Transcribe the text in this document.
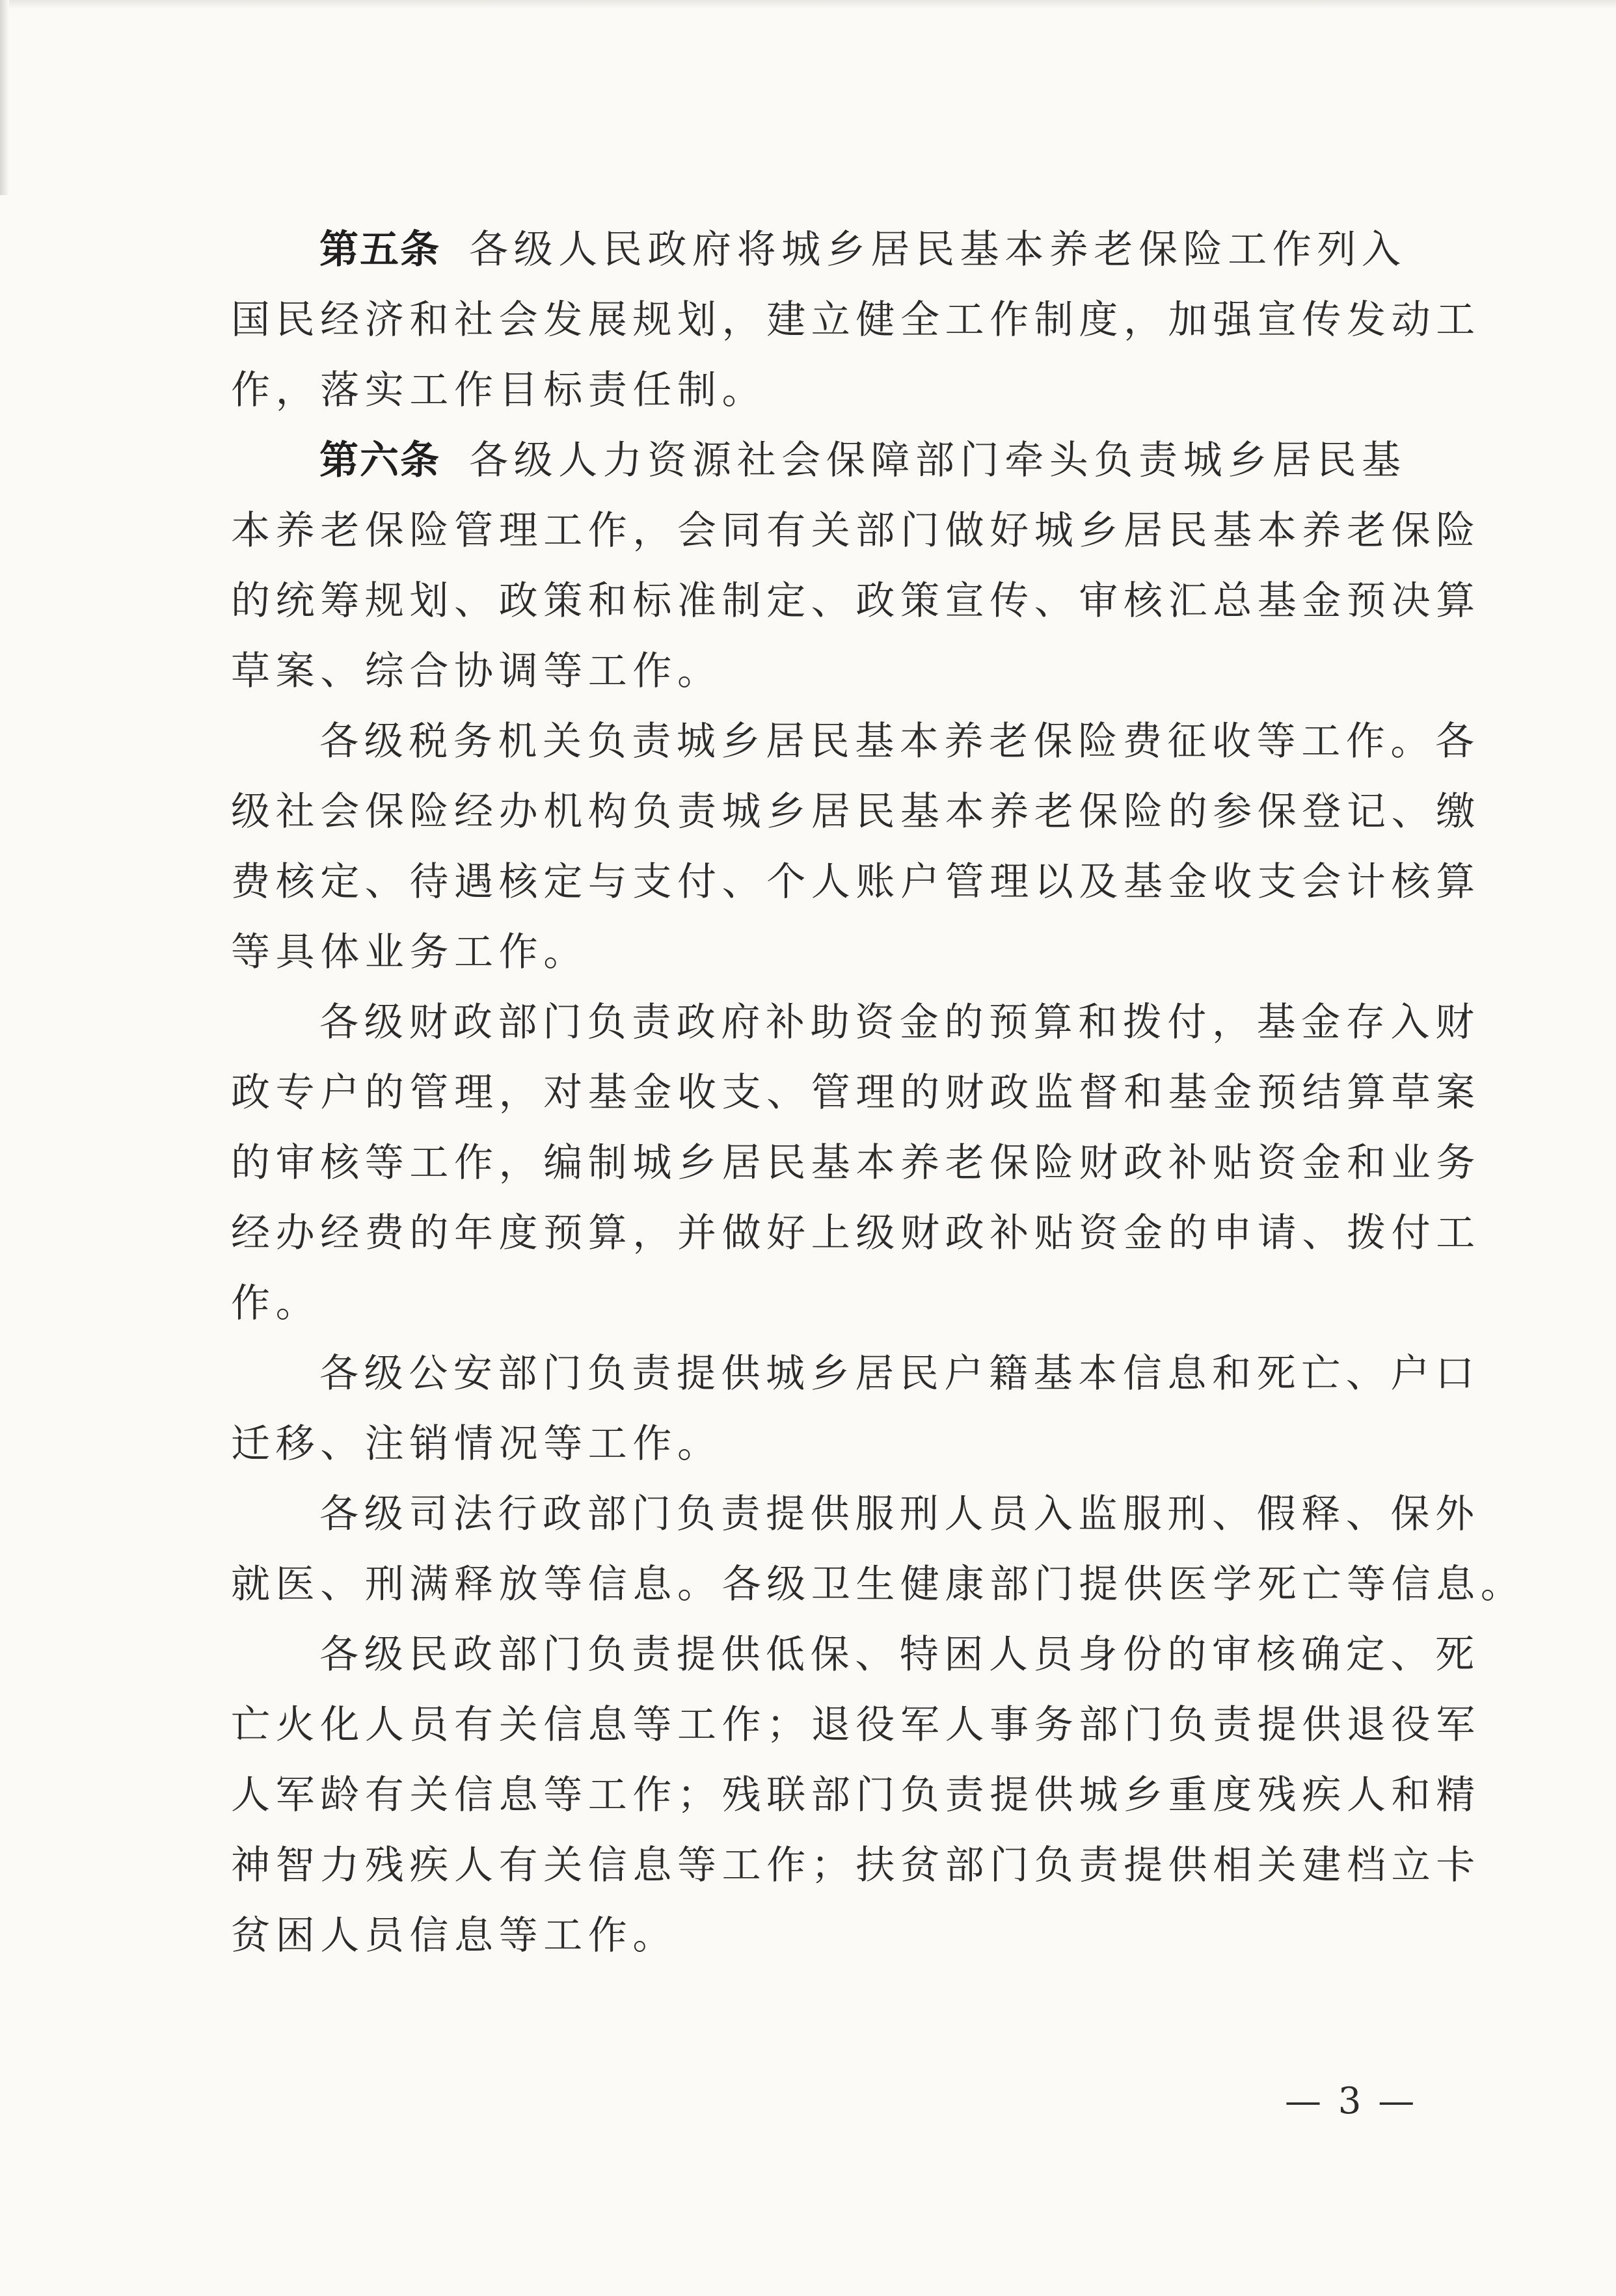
第五条 各级人民政府将城乡居民基本养老保险工作列入
国民经济和社会发展规划，建立健全工作制度，加强宣传发动工
作，落实工作目标责任制。
第六条 各级人力资源社会保障部门牵头负责城乡居民基
本养老保险管理工作，会同有关部门做好城乡居民基本养老保险
的统筹规划、政策和标准制定、政策宣传、审核汇总基金预决算
草案、综合协调等工作。
各级税务机关负责城乡居民基本养老保险费征收等工作。各
级社会保险经办机构负责城乡居民基本养老保险的参保登记、缴
费核定、待遇核定与支付、个人账户管理以及基金收支会计核算
等具体业务工作。
各级财政部门负责政府补助资金的预算和拨付，基金存入财
政专户的管理，对基金收支、管理的财政监督和基金预结算草案
的审核等工作，编制城乡居民基本养老保险财政补贴资金和业务
经办经费的年度预算，并做好上级财政补贴资金的申请、拨付工
作。
各级公安部门负责提供城乡居民户籍基本信息和死亡、户口
迁移、注销情况等工作。
各级司法行政部门负责提供服刑人员入监服刑、假释、保外
就医、刑满释放等信息。各级卫生健康部门提供医学死亡等信息。
各级民政部门负责提供低保、特困人员身份的审核确定、死
亡火化人员有关信息等工作；退役军人事务部门负责提供退役军
人军龄有关信息等工作；残联部门负责提供城乡重度残疾人和精
神智力残疾人有关信息等工作；扶贫部门负责提供相关建档立卡
贫困人员信息等工作。
— 3 —
